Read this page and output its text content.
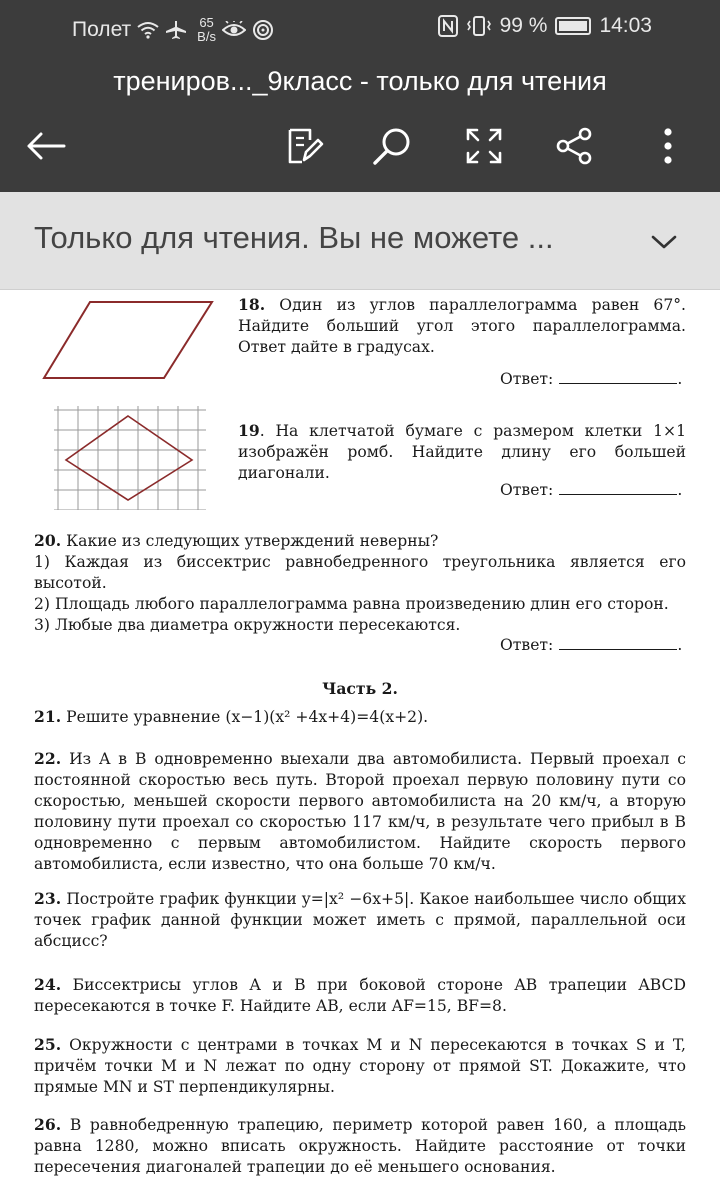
Полет	65
B/s	99 % 14:03
трениров..._9класс - только для чтения
Только для чтения. Вы не можете ...
18. Один из углов параллелограмма равен 67°. Найдите больший угол этого параллелограмма. Ответ дайте в градусах.
Ответ:	.
19. На клетчатой бумаге с размером клетки 1×1 изображён ромб. Найдите длину его большей диагонали.
Ответ:	.
20. Какие из следующих утверждений неверны?
1) Каждая из биссектрис равнобедренного треугольника является его высотой.
2) Площадь любого параллелограмма равна произведению длин его сторон.
3) Любые два диаметра окружности пересекаются.
Ответ:	.
Часть 2.
21. Решите уравнение (x−1)(x² +4x+4)=4(x+2).
22. Из A в B одновременно выехали два автомобилиста. Первый проехал с постоянной скоростью весь путь. Второй проехал первую половину пути со скоростью, меньшей скорости первого автомобилиста на 20 км/ч, а вторую половину пути проехал со скоростью 117 км/ч, в результате чего прибыл в B одновременно с первым автомобилистом. Найдите скорость первого автомобилиста, если известно, что она больше 70 км/ч.
23. Постройте график функции y=|x² −6x+5|. Какое наибольшее число общих точек график данной функции может иметь с прямой, параллельной оси абсцисс?
24. Биссектрисы углов A и B при боковой стороне AB трапеции ABCD пересекаются в точке F. Найдите AB, если AF=15, BF=8.
25. Окружности с центрами в точках M и N пересекаются в точках S и T, причём точки M и N лежат по одну сторону от прямой ST. Докажите, что прямые MN и ST перпендикулярны.
26. В равнобедренную трапецию, периметр которой равен 160, а площадь равна 1280, можно вписать окружность. Найдите расстояние от точки пересечения диагоналей трапеции до её меньшего основания.
